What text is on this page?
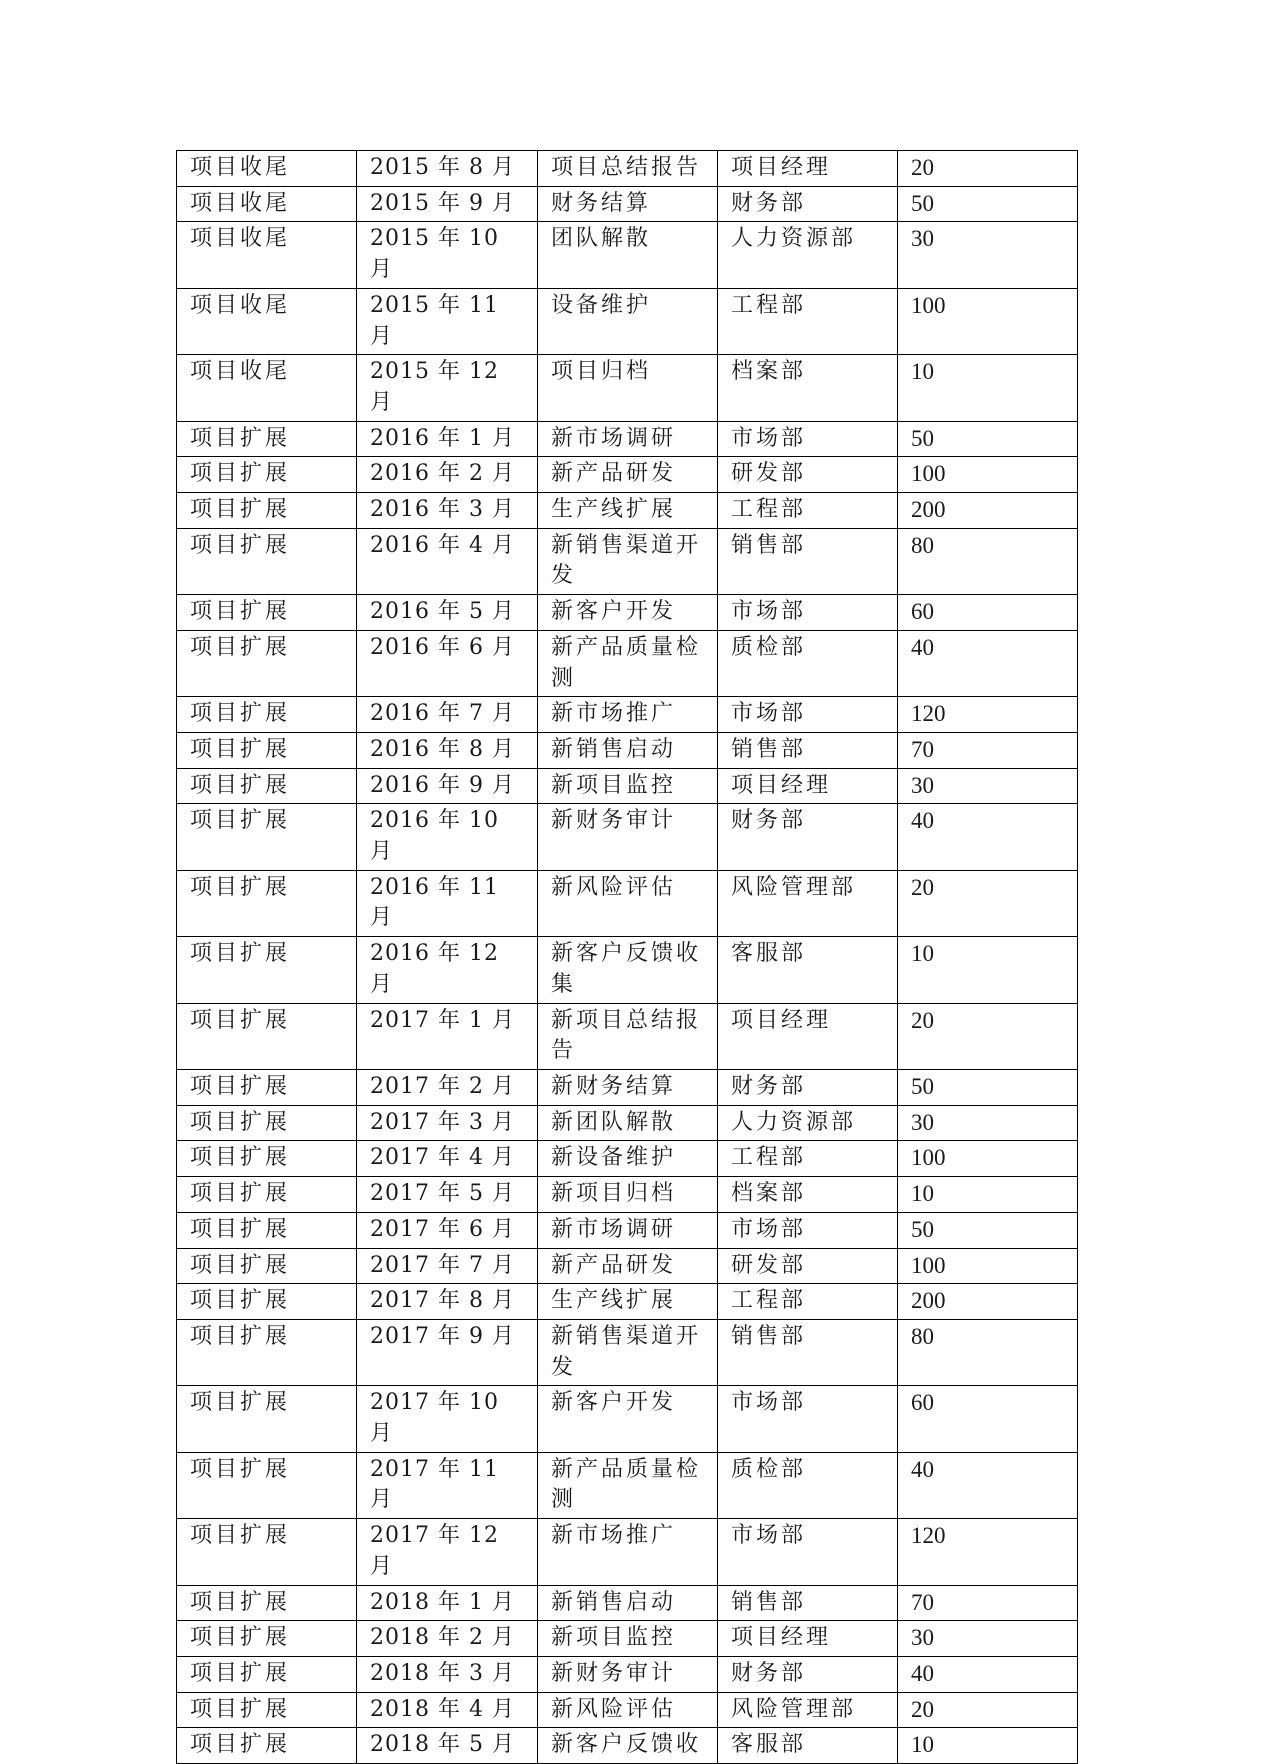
项目收尾	2015 年 8 月	项目总结报告	项目经理	20
项目收尾	2015 年 9 月	财务结算	财务部	50
项目收尾	2015 年 10 月	团队解散	人力资源部	30
项目收尾	2015 年 11 月	设备维护	工程部	100
项目收尾	2015 年 12 月	项目归档	档案部	10
项目扩展	2016 年 1 月	新市场调研	市场部	50
项目扩展	2016 年 2 月	新产品研发	研发部	100
项目扩展	2016 年 3 月	生产线扩展	工程部	200
项目扩展	2016 年 4 月	新销售渠道开发	销售部	80
项目扩展	2016 年 5 月	新客户开发	市场部	60
项目扩展	2016 年 6 月	新产品质量检测	质检部	40
项目扩展	2016 年 7 月	新市场推广	市场部	120
项目扩展	2016 年 8 月	新销售启动	销售部	70
项目扩展	2016 年 9 月	新项目监控	项目经理	30
项目扩展	2016 年 10 月	新财务审计	财务部	40
项目扩展	2016 年 11 月	新风险评估	风险管理部	20
项目扩展	2016 年 12 月	新客户反馈收集	客服部	10
项目扩展	2017 年 1 月	新项目总结报告	项目经理	20
项目扩展	2017 年 2 月	新财务结算	财务部	50
项目扩展	2017 年 3 月	新团队解散	人力资源部	30
项目扩展	2017 年 4 月	新设备维护	工程部	100
项目扩展	2017 年 5 月	新项目归档	档案部	10
项目扩展	2017 年 6 月	新市场调研	市场部	50
项目扩展	2017 年 7 月	新产品研发	研发部	100
项目扩展	2017 年 8 月	生产线扩展	工程部	200
项目扩展	2017 年 9 月	新销售渠道开发	销售部	80
项目扩展	2017 年 10 月	新客户开发	市场部	60
项目扩展	2017 年 11 月	新产品质量检测	质检部	40
项目扩展	2017 年 12 月	新市场推广	市场部	120
项目扩展	2018 年 1 月	新销售启动	销售部	70
项目扩展	2018 年 2 月	新项目监控	项目经理	30
项目扩展	2018 年 3 月	新财务审计	财务部	40
项目扩展	2018 年 4 月	新风险评估	风险管理部	20
项目扩展	2018 年 5 月	新客户反馈收	客服部	10
